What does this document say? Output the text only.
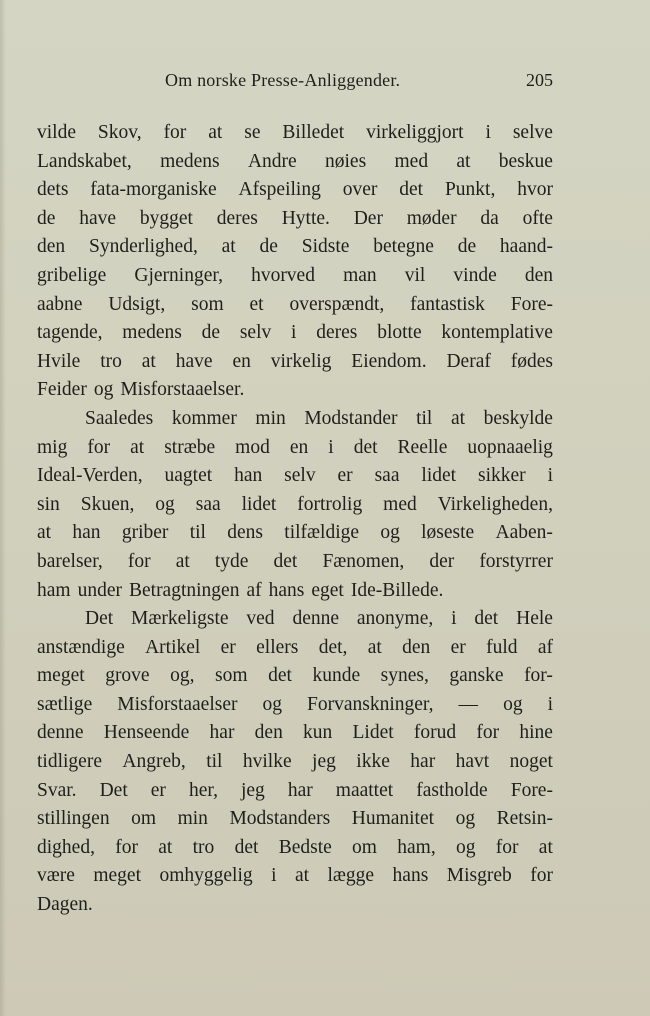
Om norske Presse-Anliggender.	205
vilde Skov, for at se Billedet virkeliggjort i selve
Landskabet, medens Andre nøies med at beskue
dets fata-morganiske Afspeiling over det Punkt, hvor
de have bygget deres Hytte. Der møder da ofte
den Synderlighed, at de Sidste betegne de haand-
gribelige Gjerninger, hvorved man vil vinde den
aabne Udsigt, som et overspændt, fantastisk Fore-
tagende, medens de selv i deres blotte kontemplative
Hvile tro at have en virkelig Eiendom. Deraf fødes
Feider og Misforstaaelser.
Saaledes kommer min Modstander til at beskylde
mig for at stræbe mod en i det Reelle uopnaaelig
Ideal-Verden, uagtet han selv er saa lidet sikker i
sin Skuen, og saa lidet fortrolig med Virkeligheden,
at han griber til dens tilfældige og løseste Aaben-
barelser, for at tyde det Fænomen, der forstyrrer
ham under Betragtningen af hans eget Ide-Billede.
Det Mærkeligste ved denne anonyme, i det Hele
anstændige Artikel er ellers det, at den er fuld af
meget grove og, som det kunde synes, ganske for-
sætlige Misforstaaelser og Forvanskninger, — og i
denne Henseende har den kun Lidet forud for hine
tidligere Angreb, til hvilke jeg ikke har havt noget
Svar. Det er her, jeg har maattet fastholde Fore-
stillingen om min Modstanders Humanitet og Retsin-
dighed, for at tro det Bedste om ham, og for at
være meget omhyggelig i at lægge hans Misgreb for
Dagen.
